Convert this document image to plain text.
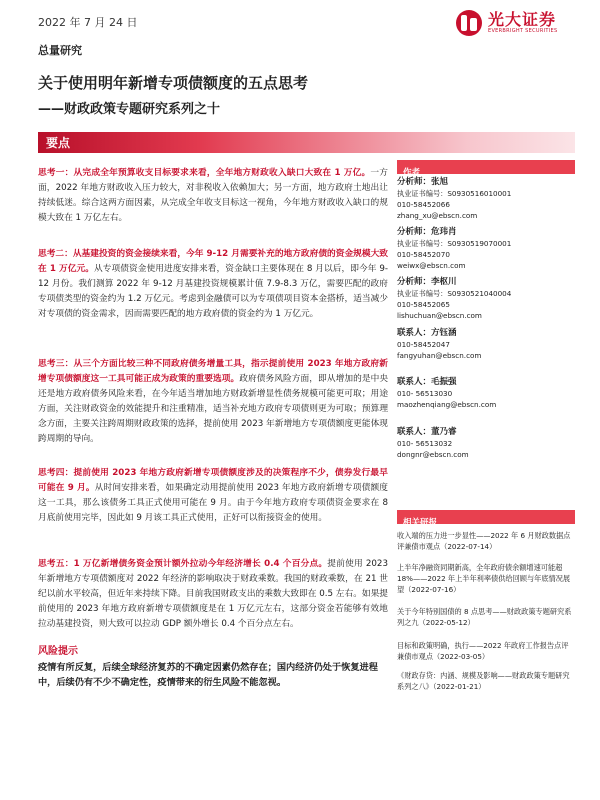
2022 年 7 月 24 日	光大证券
EVERBRIGHT SECURITIES
总量研究
关于使用明年新增专项债额度的五点思考
——财政政策专题研究系列之十
要点
思考一：从完成全年预算收支目标要求来看，全年地方财政收入缺口大致在 1 万亿。一方面，2022 年地方财政收入压力较大，对非税收入依赖加大；另一方面，地方政府土地出让持续低迷。综合这两方面因素，从完成全年收支目标这一视角，今年地方财政收入缺口的规模大致在 1 万亿左右。
思考二：从基建投资的资金接续来看，今年 9-12 月需要补充的地方政府债的资金规模大致在 1 万亿元。从专项债资金使用进度安排来看，资金缺口主要体现在 8 月以后，即今年 9-12 月份。我们测算 2022 年 9-12 月基建投资规模累计值 7.9-8.3 万亿，需要匹配的政府专项债类型的资金约为 1.2 万亿元。考虑到金融债可以为专项债项目资本金搭桥，适当减少对专项债的资金需求，因而需要匹配的地方政府债的资金约为 1 万亿元。
思考三：从三个方面比较三种不同政府债务增量工具，指示提前使用 2023 年地方政府新增专项债额度这一工具可能正成为政策的重要选项。政府债务风险方面，即从增加的是中央还是地方政府债务风险来看，在今年适当增加地方财政新增显性债务规模可能更可取；用途方面，关注财政资金的效能提升和注重精准，适当补充地方政府专项债则更为可取；预算理念方面，主要关注跨周期财政政策的选择，提前使用 2023 年新增地方专项债额度更能体现跨周期的导向。
思考四：提前使用 2023 年地方政府新增专项债额度涉及的决策程序不少，债券发行最早可能在 9 月。从时间安排来看，如果确定动用提前使用 2023 年地方政府新增专项债额度这一工具，那么该债务工具正式使用可能在 9 月。由于今年地方政府专项债资金要求在 8 月底前使用完毕，因此如 9 月该工具正式使用，正好可以衔接资金的使用。
思考五：1 万亿新增债务资金预计额外拉动今年经济增长 0.4 个百分点。提前使用 2023 年新增地方专项债额度对 2022 年经济的影响取决于财政乘数。我国的财政乘数，在 21 世纪以前水平较高，但近年来持续下降。目前我国财政支出的乘数大致即在 0.5 左右。如果提前使用的 2023 年地方政府新增专项债额度是在 1 万亿元左右，这部分资金若能够有效地拉动基建投资，则大致可以拉动 GDP 额外增长 0.4 个百分点左右。
风险提示
疫情有所反复，后续全球经济复苏的不确定因素仍然存在；国内经济仍处于恢复进程中，后续仍有不少不确定性，疫情带来的衍生风险不能忽视。
作者
分析师：张旭
执业证书编号：S0930516010001
010-58452066
zhang_xu@ebscn.com
分析师：危玮肖
执业证书编号：S0930519070001
010-58452070
weiwx@ebscn.com
分析师：李枢川
执业证书编号：S0930521040004
010-58452065
lishuchuan@ebscn.com
联系人：方钰涵
010-58452047
fangyuhan@ebscn.com
联系人：毛振强
010- 56513030
maozhenqiang@ebscn.com
联系人：董乃睿
010- 56513032
dongnr@ebscn.com
相关研报
收入端的压力进一步显性——2022 年 6 月财政数据点评兼债市观点（2022-07-14）
上半年净融资同期新高，全年政府债余额增速可能超 18%——2022 年上半年利率债供给回顾与年底情况展望（2022-07-16）
关于今年特别国债的 8 点思考——财政政策专题研究系列之九（2022-05-12）
目标和政策明确，执行——2022 年政府工作报告点评兼债市观点（2022-03-05）
《财政存贷：内涵、规模及影响——财政政策专题研究系列之八》（2022-01-21）
